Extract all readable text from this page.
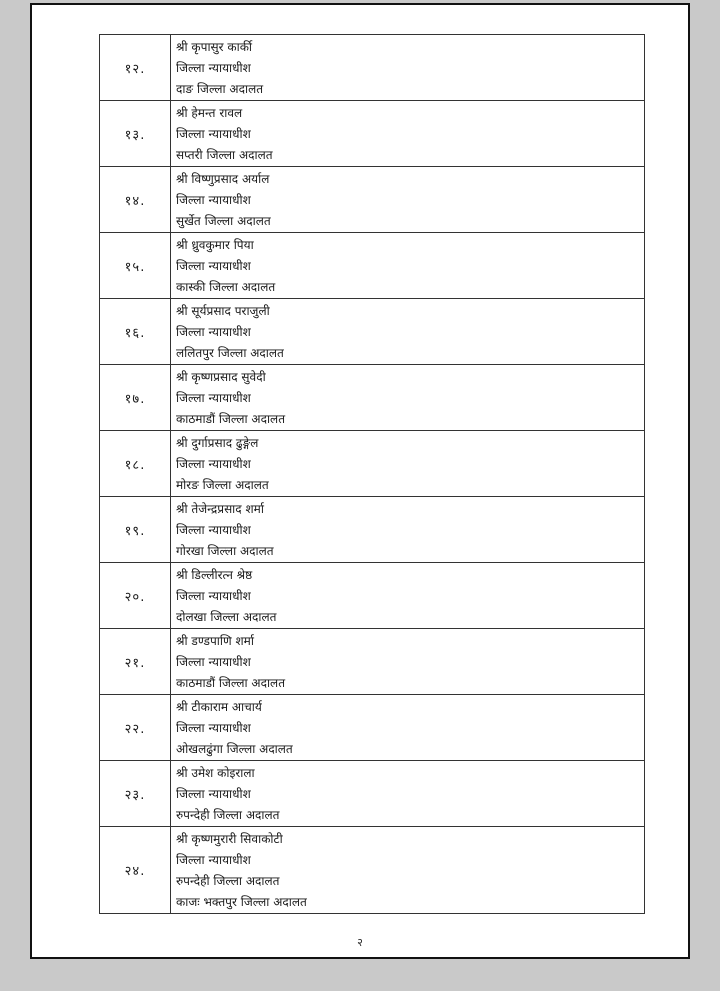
१२.	श्री कृपासुर कार्की
जिल्ला न्यायाधीश
दाङ जिल्ला अदालत

१३.	श्री हेमन्त रावल
जिल्ला न्यायाधीश
सप्तरी जिल्ला अदालत

१४.	श्री विष्णुप्रसाद अर्याल
जिल्ला न्यायाधीश
सुर्खेत जिल्ला अदालत

१५.	श्री ध्रुवकुमार पिया
जिल्ला न्यायाधीश
कास्की जिल्ला अदालत

१६.	श्री सूर्यप्रसाद पराजुली
जिल्ला न्यायाधीश
ललितपुर जिल्ला अदालत

१७.	श्री कृष्णप्रसाद सुवेदी
जिल्ला न्यायाधीश
काठमाडौं जिल्ला अदालत

१८.	श्री दुर्गाप्रसाद ढुङ्गेल
जिल्ला न्यायाधीश
मोरङ जिल्ला अदालत

१९.	श्री तेजेन्द्रप्रसाद शर्मा
जिल्ला न्यायाधीश
गोरखा जिल्ला अदालत

२०.	श्री डिल्लीरत्न श्रेष्ठ
जिल्ला न्यायाधीश
दोलखा जिल्ला अदालत

२१.	श्री डण्डपाणि शर्मा
जिल्ला न्यायाधीश
काठमाडौं जिल्ला अदालत

२२.	श्री टीकाराम आचार्य
जिल्ला न्यायाधीश
ओखलढुंगा जिल्ला अदालत

२३.	श्री उमेश कोइराला
जिल्ला न्यायाधीश
रुपन्देही जिल्ला अदालत

२४.	श्री कृष्णमुरारी सिवाकोटी
जिल्ला न्यायाधीश
रुपन्देही जिल्ला अदालत
काजः भक्तपुर जिल्ला अदालत
२
